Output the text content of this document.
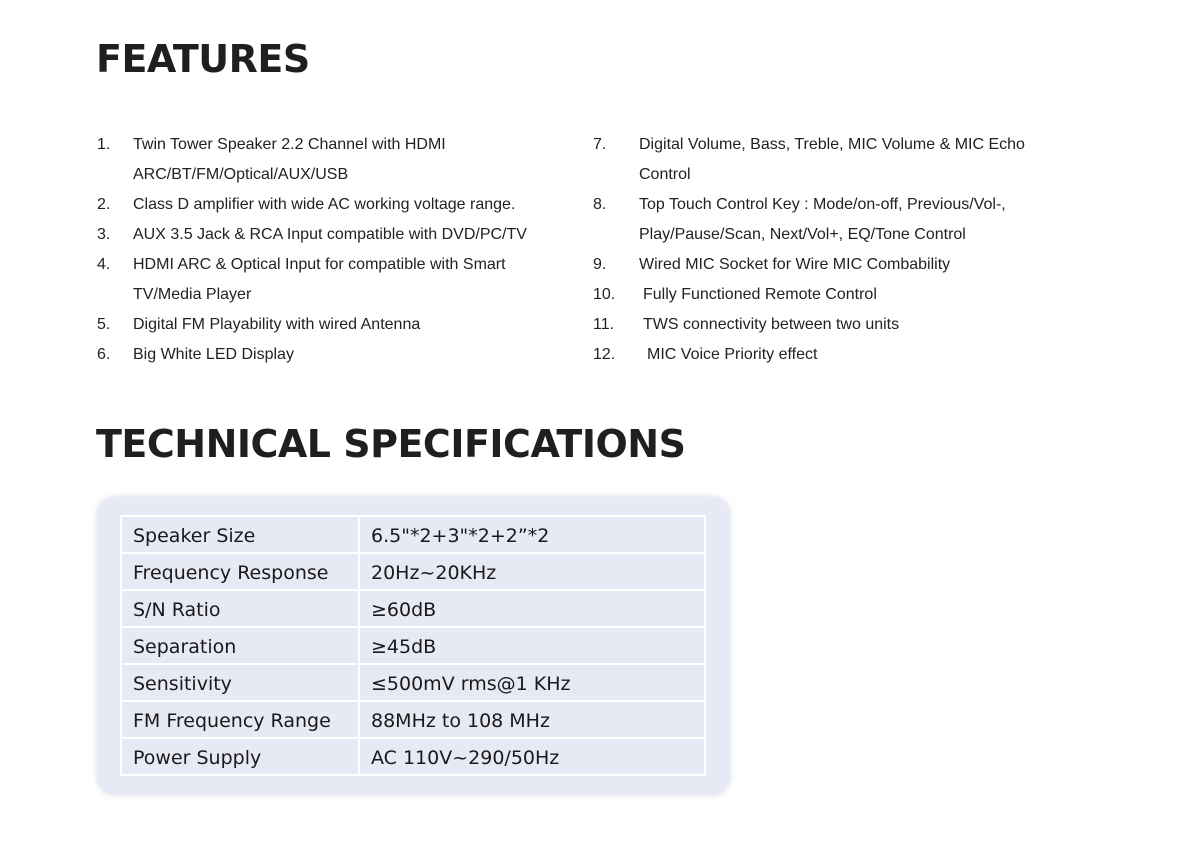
FEATURES
1.	Twin Tower Speaker 2.2 Channel with HDMI
ARC/BT/FM/Optical/AUX/USB
2.	Class D amplifier with wide AC working voltage range.
3.	AUX 3.5 Jack & RCA Input compatible with DVD/PC/TV
4.	HDMI ARC & Optical Input for compatible with Smart
TV/Media Player
5.	Digital FM Playability with wired Antenna
6.	Big White LED Display
7.	Digital Volume, Bass, Treble, MIC Volume & MIC Echo
Control
8.	Top Touch Control Key : Mode/on-off, Previous/Vol-,
Play/Pause/Scan, Next/Vol+, EQ/Tone Control
9.	Wired MIC Socket for Wire MIC Combability
10.	Fully Functioned Remote Control
11.	TWS connectivity between two units
12.	MIC Voice Priority effect
TECHNICAL SPECIFICATIONS
Speaker Size	6.5"*2+3"*2+2”*2
Frequency Response	20Hz~20KHz
S/N Ratio	≥60dB
Separation	≥45dB
Sensitivity	≤500mV rms@1 KHz
FM Frequency Range	88MHz to 108 MHz
Power Supply	AC 110V~290/50Hz
